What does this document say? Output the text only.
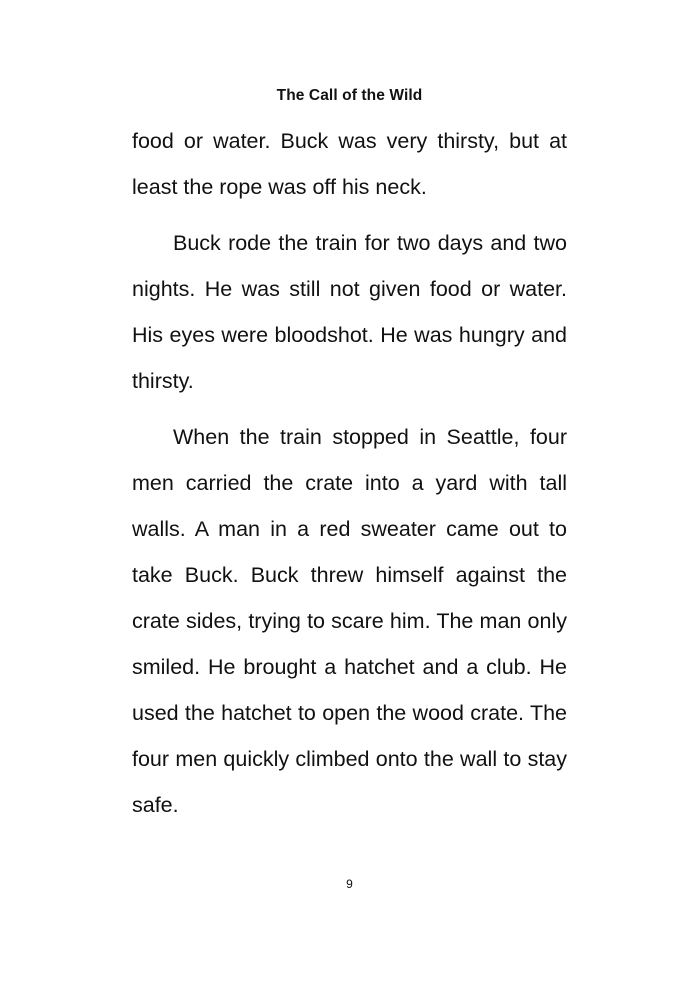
The Call of the Wild

food or water. Buck was very thirsty, but at least the rope was off his neck.

Buck rode the train for two days and two nights. He was still not given food or water. His eyes were bloodshot. He was hungry and thirsty.

When the train stopped in Seattle, four men carried the crate into a yard with tall walls. A man in a red sweater came out to take Buck. Buck threw himself against the crate sides, trying to scare him. The man only smiled. He brought a hatchet and a club. He used the hatchet to open the wood crate. The four men quickly climbed onto the wall to stay safe.

9
